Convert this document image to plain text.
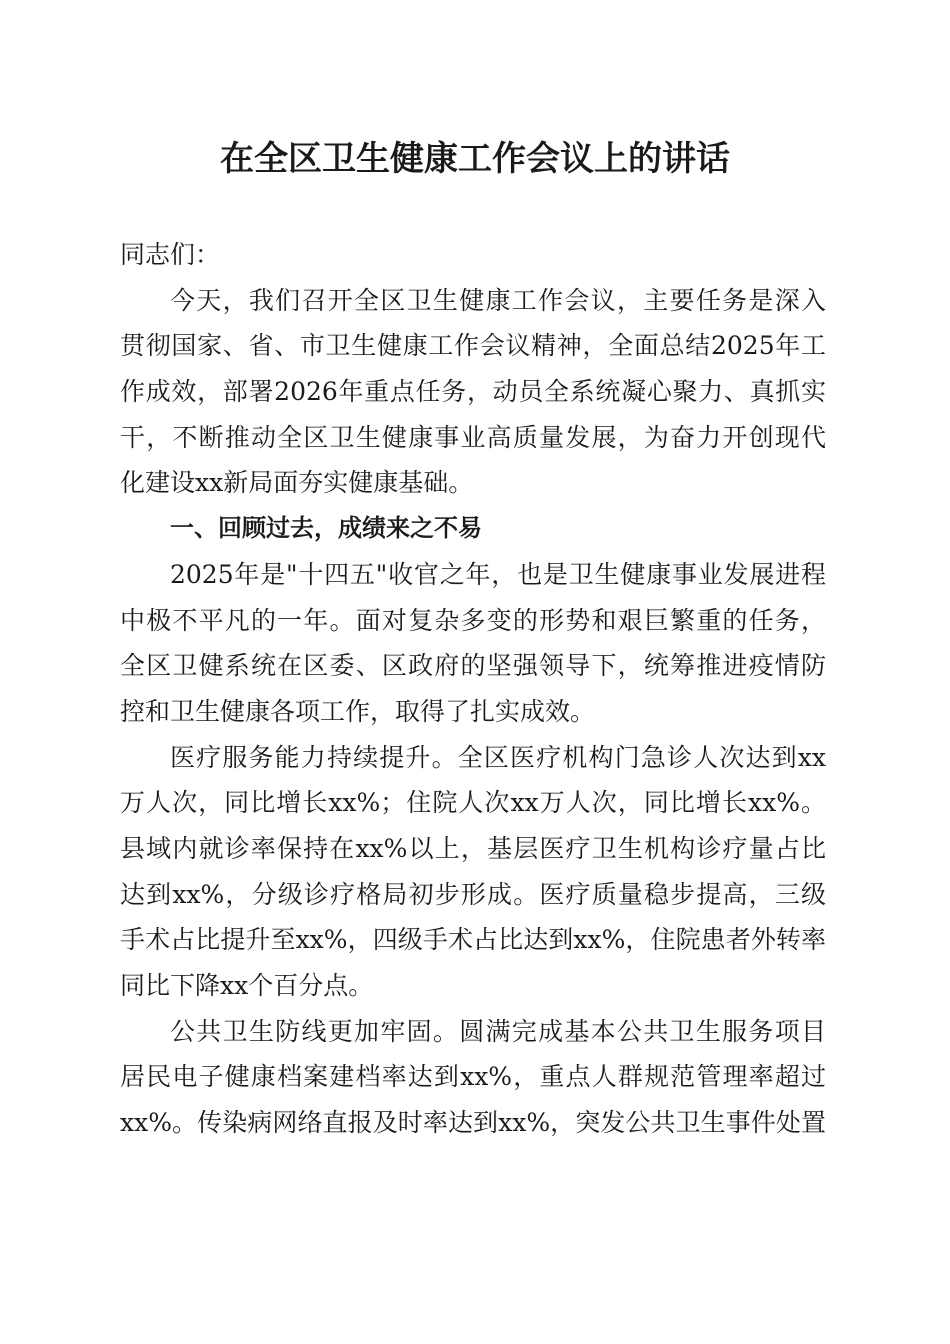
在全区卫生健康工作会议上的讲话
同志们：
今天，我们召开全区卫生健康工作会议，主要任务是深入
贯彻国家、省、市卫生健康工作会议精神，全面总结2025年工
作成效，部署2026年重点任务，动员全系统凝心聚力、真抓实
干，不断推动全区卫生健康事业高质量发展，为奋力开创现代
化建设xx新局面夯实健康基础。
一、回顾过去，成绩来之不易
2025年是"十四五"收官之年，也是卫生健康事业发展进程
中极不平凡的一年。面对复杂多变的形势和艰巨繁重的任务，
全区卫健系统在区委、区政府的坚强领导下，统筹推进疫情防
控和卫生健康各项工作，取得了扎实成效。
医疗服务能力持续提升。全区医疗机构门急诊人次达到xx
万人次，同比增长xx%；住院人次xx万人次，同比增长xx%。
县域内就诊率保持在xx%以上，基层医疗卫生机构诊疗量占比
达到xx%，分级诊疗格局初步形成。医疗质量稳步提高，三级
手术占比提升至xx%，四级手术占比达到xx%，住院患者外转率
同比下降xx个百分点。
公共卫生防线更加牢固。圆满完成基本公共卫生服务项目
居民电子健康档案建档率达到xx%，重点人群规范管理率超过
xx%。传染病网络直报及时率达到xx%，突发公共卫生事件处置
